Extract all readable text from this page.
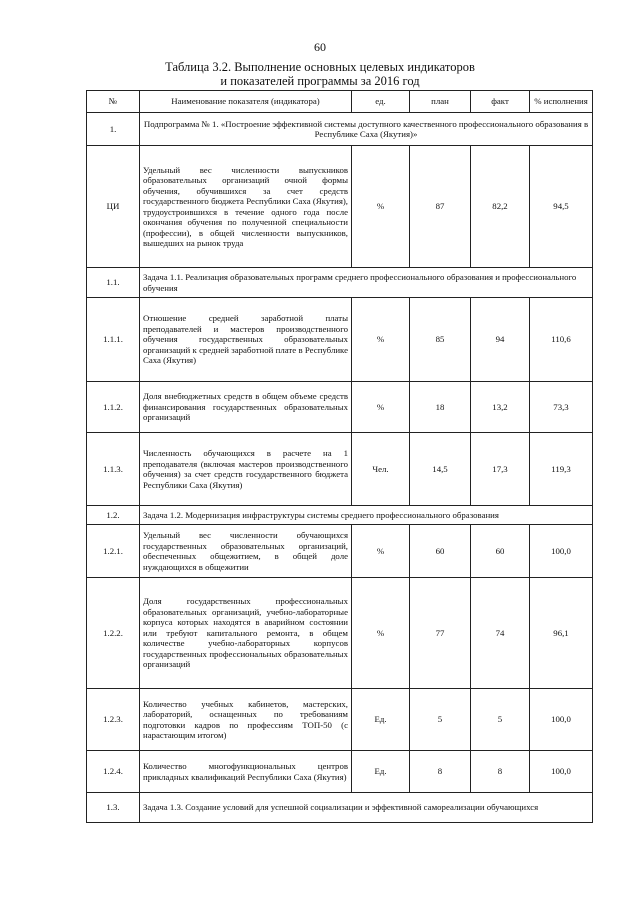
60
Таблица 3.2. Выполнение основных целевых индикаторов
и показателей программы за 2016 год
№	Наименование показателя (индикатора)	ед.	план	факт	% исполнения
1.	Подпрограмма № 1. «Построение эффективной системы доступного качественного профессионального образования в Республике Саха (Якутия)»				
ЦИ	Удельный вес численности выпускников образовательных организаций очной формы обучения, обучившихся за счет средств государственного бюджета Республики Саха (Якутия), трудоустроившихся в течение одного года после окончания обучения по полученной специальности (профессии), в общей численности выпускников, вышедших на рынок труда	%	87	82,2	94,5
1.1.	Задача 1.1. Реализация образовательных программ среднего профессионального образования и профессионального обучения				
1.1.1.	Отношение средней заработной платы преподавателей и мастеров производственного обучения государственных образовательных организаций к средней заработной плате в Республике Саха (Якутия)	%	85	94	110,6
1.1.2.	Доля внебюджетных средств в общем объеме средств финансирования государственных образовательных организаций	%	18	13,2	73,3
1.1.3.	Численность обучающихся в расчете на 1 преподавателя (включая мастеров производственного обучения) за счет средств государственного бюджета Республики Саха (Якутия)	Чел.	14,5	17,3	119,3
1.2.	Задача 1.2. Модернизация инфраструктуры системы среднего профессионального образования				
1.2.1.	Удельный вес численности обучающихся государственных образовательных организаций, обеспеченных общежитием, в общей доле нуждающихся в общежитии	%	60	60	100,0
1.2.2.	Доля государственных профессиональных образовательных организаций, учебно-лабораторные корпуса которых находятся в аварийном состоянии или требуют капитального ремонта, в общем количестве учебно-лабораторных корпусов государственных профессиональных образовательных организаций	%	77	74	96,1
1.2.3.	Количество учебных кабинетов, мастерских, лабораторий, оснащенных по требованиям подготовки кадров по профессиям ТОП-50 (с нарастающим итогом)	Ед.	5	5	100,0
1.2.4.	Количество многофункциональных центров прикладных квалификаций Республики Саха (Якутия)	Ед.	8	8	100,0
1.3.	Задача 1.3. Создание условий для успешной социализации и эффективной самореализации обучающихся				
